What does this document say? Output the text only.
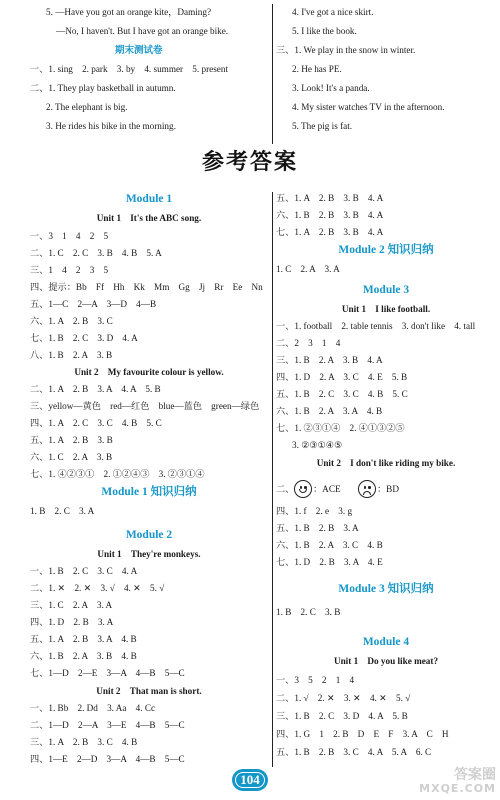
5. —Have you got an orange kite，Daming?
—No, I haven't. But I have got an orange bike.
期末测试卷
一、1. sing　2. park　3. by　4. summer　5. present
二、1. They play basketball in autumn.
2. The elephant is big.
3. He rides his bike in the morning.
4. I've got a nice skirt.
5. I like the book.
三、1. We play in the snow in winter.
2. He has PE.
3. Look! It's a panda.
4. My sister watches TV in the afternoon.
5. The pig is fat.
参考答案
Module 1
Unit 1　It's the ABC song.
一、3　1　4　2　5
二、1. C　2. C　3. B　4. B　5. A
三、1　4　2　3　5
四、提示：Bb　Ff　Hh　Kk　Mm　Gg　Jj　Rr　Ee　Nn
五、1—C　2—A　3—D　4—B
六、1. A　2. B　3. C
七、1. B　2. C　3. D　4. A
八、1. B　2. A　3. B
Unit 2　My favourite colour is yellow.
二、1. A　2. B　3. A　4. A　5. B
三、yellow—黄色　red—红色　blue—蓝色　green—绿色
四、1. A　2. C　3. C　4. B　5. C
五、1. A　2. B　3. B
六、1. C　2. A　3. B
七、1. ④②③①　2. ①②④③　3. ②③①④
Module 1 知识归纳
1. B　2. C　3. A
Module 2
Unit 1　They're monkeys.
一、1. B　2. C　3. C　4. A
二、1. ✕　2. ✕　3. √　4. ✕　5. √
三、1. C　2. A　3. A
四、1. D　2. B　3. A
五、1. A　2. B　3. A　4. B
六、1. B　2. A　3. B　4. B
七、1—D　2—E　3—A　4—B　5—C
Unit 2　That man is short.
一、1. Bb　2. Dd　3. Aa　4. Cc
二、1—D　2—A　3—E　4—B　5—C
三、1. A　2. B　3. C　4. B
四、1—E　2—D　3—A　4—B　5—C
五、1. A　2. B　3. B　4. A
六、1. B　2. B　3. B　4. A
七、1. A　2. B　3. B　4. A
Module 2 知识归纳
1. C　2. A　3. A
Module 3
Unit 1　I like football.
一、1. football　2. table tennis　3. don't like　4. tall
二、2　3　1　4
三、1. B　2. A　3. B　4. A
四、1. D　2. A　3. C　4. E　5. B
五、1. B　2. C　3. C　4. B　5. C
六、1. B　2. A　3. A　4. B
七、1. ②③①④　2. ④①③②⑤
3. ②③①④⑤
Unit 2　I don't like riding my bike.
二、 ：ACE	：BD
四、1. f　2. e　3. g
五、1. B　2. B　3. A
六、1. B　2. A　3. C　4. B
七、1. D　2. B　3. A　4. E
Module 3 知识归纳
1. B　2. C　3. B
Module 4
Unit 1　Do you like meat?
一、3　5　2　1　4
二、1. √　2. ✕　3. ✕　4. ✕　5. √
三、1. B　2. C　3. D　4. A　5. B
四、1. G　1　2. B　D　E　F　3. A　C　H
五、1. B　2. B　3. C　4. A　5. A　6. C
104	答案圈
MXQE.COM
